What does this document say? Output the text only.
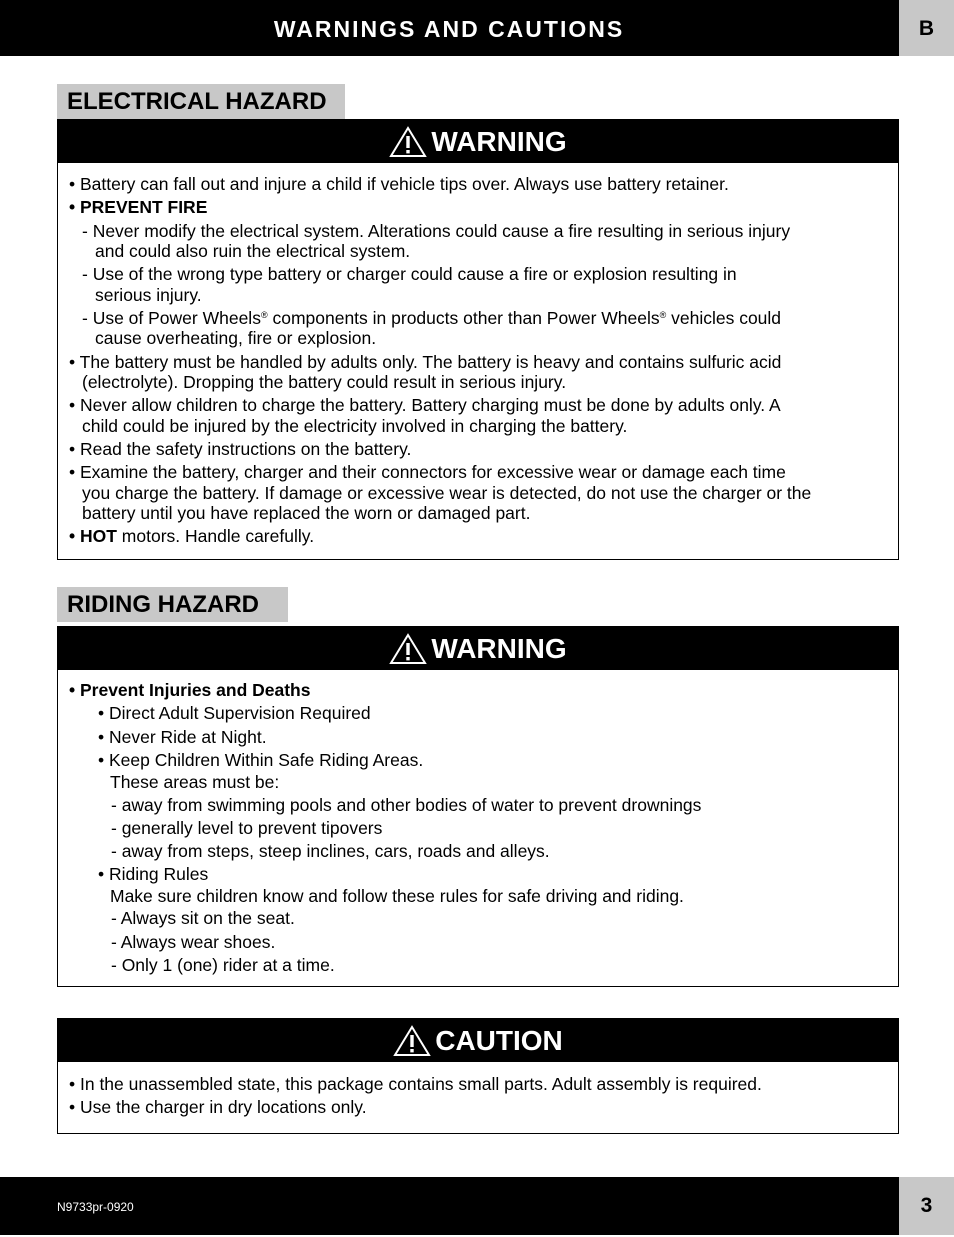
WARNINGS AND CAUTIONS	B
ELECTRICAL HAZARD
WARNING
• Battery can fall out and injure a child if vehicle tips over. Always use battery retainer.
• PREVENT FIRE
- Never modify the electrical system. Alterations could cause a fire resulting in serious injury
and could also ruin the electrical system.
- Use of the wrong type battery or charger could cause a fire or explosion resulting in
serious injury.
- Use of Power Wheels® components in products other than Power Wheels® vehicles could
cause overheating, fire or explosion.
• The battery must be handled by adults only. The battery is heavy and contains sulfuric acid
(electrolyte). Dropping the battery could result in serious injury.
• Never allow children to charge the battery. Battery charging must be done by adults only. A
child could be injured by the electricity involved in charging the battery.
• Read the safety instructions on the battery.
• Examine the battery, charger and their connectors for excessive wear or damage each time
you charge the battery. If damage or excessive wear is detected, do not use the charger or the
battery until you have replaced the worn or damaged part.
• HOT motors. Handle carefully.
RIDING HAZARD
WARNING
• Prevent Injuries and Deaths
• Direct Adult Supervision Required
• Never Ride at Night.
• Keep Children Within Safe Riding Areas.
These areas must be:
- away from swimming pools and other bodies of water to prevent drownings
- generally level to prevent tipovers
- away from steps, steep inclines, cars, roads and alleys.
• Riding Rules
Make sure children know and follow these rules for safe driving and riding.
- Always sit on the seat.
- Always wear shoes.
- Only 1 (one) rider at a time.
CAUTION
• In the unassembled state, this package contains small parts. Adult assembly is required.
• Use the charger in dry locations only.
N9733pr-0920	3
